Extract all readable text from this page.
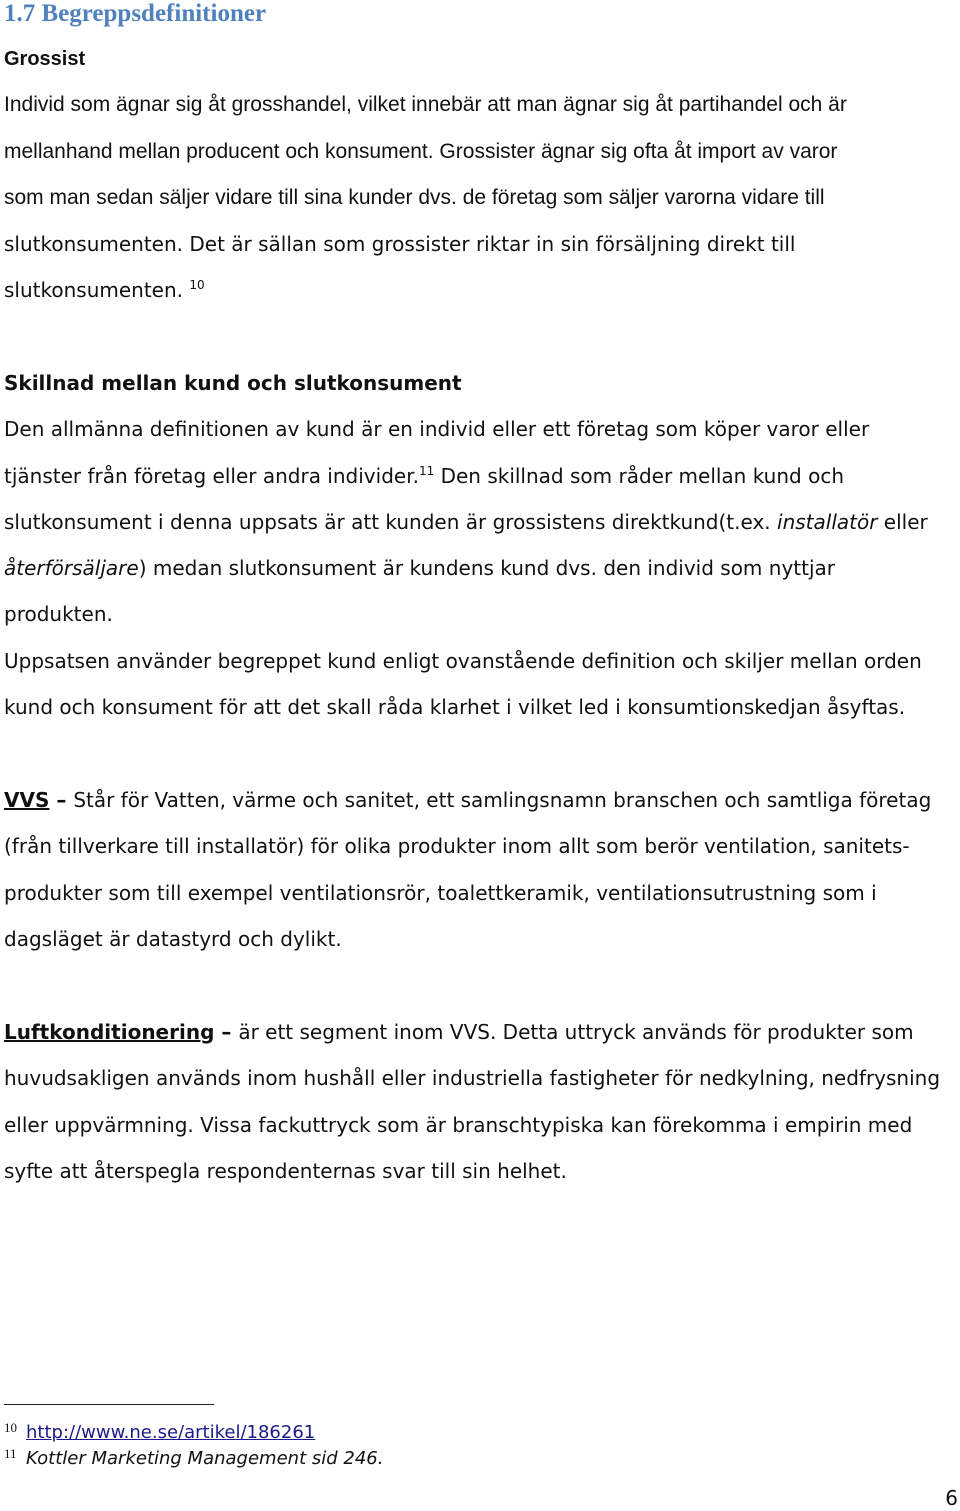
1.7 Begreppsdefinitioner
Grossist
Individ som ägnar sig åt grosshandel, vilket innebär att man ägnar sig åt partihandel och är
mellanhand mellan producent och konsument. Grossister ägnar sig ofta åt import av varor
som man sedan säljer vidare till sina kunder dvs. de företag som säljer varorna vidare till
slutkonsumenten. Det är sällan som grossister riktar in sin försäljning direkt till
slutkonsumenten. $^{10}$
Skillnad mellan kund och slutkonsument
Den allmänna definitionen av kund är en individ eller ett företag som köper varor eller
tjänster från företag eller andra individer.$^{11}$ Den skillnad som råder mellan kund och
slutkonsument i denna uppsats är att kunden är grossistens direktkund(t.ex. installatör eller
återförsäljare) medan slutkonsument är kundens kund dvs. den individ som nyttjar
produkten.
Uppsatsen använder begreppet kund enligt ovanstående definition och skiljer mellan orden
kund och konsument för att det skall råda klarhet i vilket led i konsumtionskedjan åsyftas.
VVS – Står för Vatten, värme och sanitet, ett samlingsnamn branschen och samtliga företag
(från tillverkare till installatör) för olika produkter inom allt som berör ventilation, sanitets-
produkter som till exempel ventilationsrör, toalettkeramik, ventilationsutrustning som i
dagsläget är datastyrd och dylikt.
Luftkonditionering – är ett segment inom VVS. Detta uttryck används för produkter som
huvudsakligen används inom hushåll eller industriella fastigheter för nedkylning, nedfrysning
eller uppvärmning. Vissa fackuttryck som är branschtypiska kan förekomma i empirin med
syfte att återspegla respondenternas svar till sin helhet.
10 http://www.ne.se/artikel/186261
11 Kottler Marketing Management sid 246.
6
